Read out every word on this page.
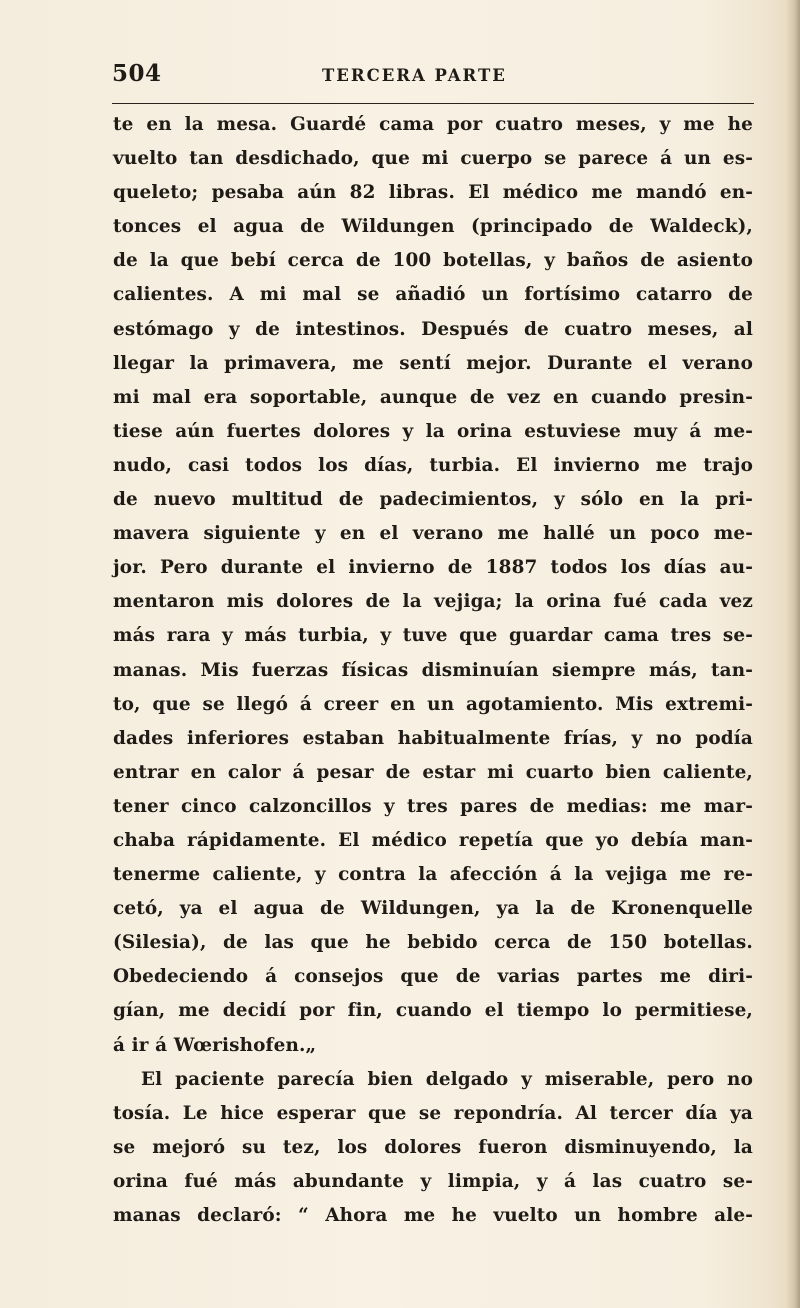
504	TERCERA PARTE
te en la mesa. Guardé cama por cuatro meses, y me he
vuelto tan desdichado, que mi cuerpo se parece á un es-
queleto; pesaba aún 82 libras. El médico me mandó en-
tonces el agua de Wildungen (principado de Waldeck),
de la que bebí cerca de 100 botellas, y baños de asiento
calientes. A mi mal se añadió un fortísimo catarro de
estómago y de intestinos. Después de cuatro meses, al
llegar la primavera, me sentí mejor. Durante el verano
mi mal era soportable, aunque de vez en cuando presin-
tiese aún fuertes dolores y la orina estuviese muy á me-
nudo, casi todos los días, turbia. El invierno me trajo
de nuevo multitud de padecimientos, y sólo en la pri-
mavera siguiente y en el verano me hallé un poco me-
jor. Pero durante el invierno de 1887 todos los días au-
mentaron mis dolores de la vejiga; la orina fué cada vez
más rara y más turbia, y tuve que guardar cama tres se-
manas. Mis fuerzas físicas disminuían siempre más, tan-
to, que se llegó á creer en un agotamiento. Mis extremi-
dades inferiores estaban habitualmente frías, y no podía
entrar en calor á pesar de estar mi cuarto bien caliente,
tener cinco calzoncillos y tres pares de medias: me mar-
chaba rápidamente. El médico repetía que yo debía man-
tenerme caliente, y contra la afección á la vejiga me re-
cetó, ya el agua de Wildungen, ya la de Kronenquelle
(Silesia), de las que he bebido cerca de 150 botellas.
Obedeciendo á consejos que de varias partes me diri-
gían, me decidí por fin, cuando el tiempo lo permitiese,
á ir á Wœrishofen.„
El paciente parecía bien delgado y miserable, pero no
tosía. Le hice esperar que se repondría. Al tercer día ya
se mejoró su tez, los dolores fueron disminuyendo, la
orina fué más abundante y limpia, y á las cuatro se-
manas declaró: “ Ahora me he vuelto un hombre ale-
